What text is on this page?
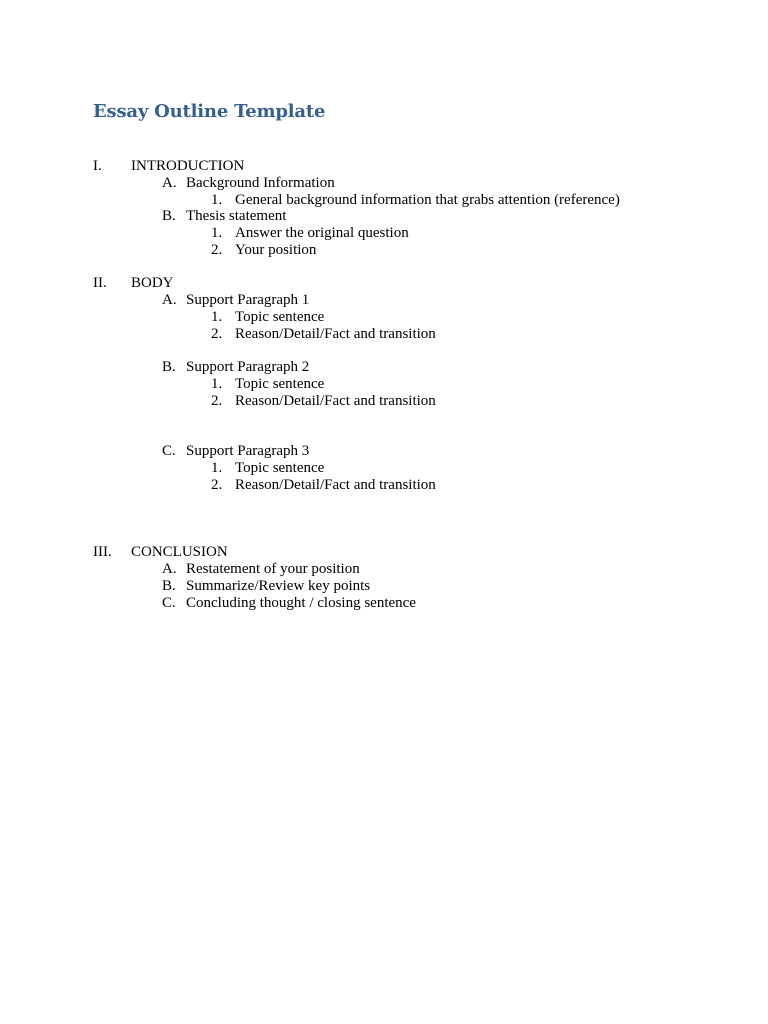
Essay Outline Template
I. INTRODUCTION
A. Background Information
1. General background information that grabs attention (reference)
B. Thesis statement
1. Answer the original question
2. Your position
II. BODY
A. Support Paragraph 1
1. Topic sentence
2. Reason/Detail/Fact and transition
B. Support Paragraph 2
1. Topic sentence
2. Reason/Detail/Fact and transition
C. Support Paragraph 3
1. Topic sentence
2. Reason/Detail/Fact and transition
III. CONCLUSION
A. Restatement of your position
B. Summarize/Review key points
C. Concluding thought / closing sentence
